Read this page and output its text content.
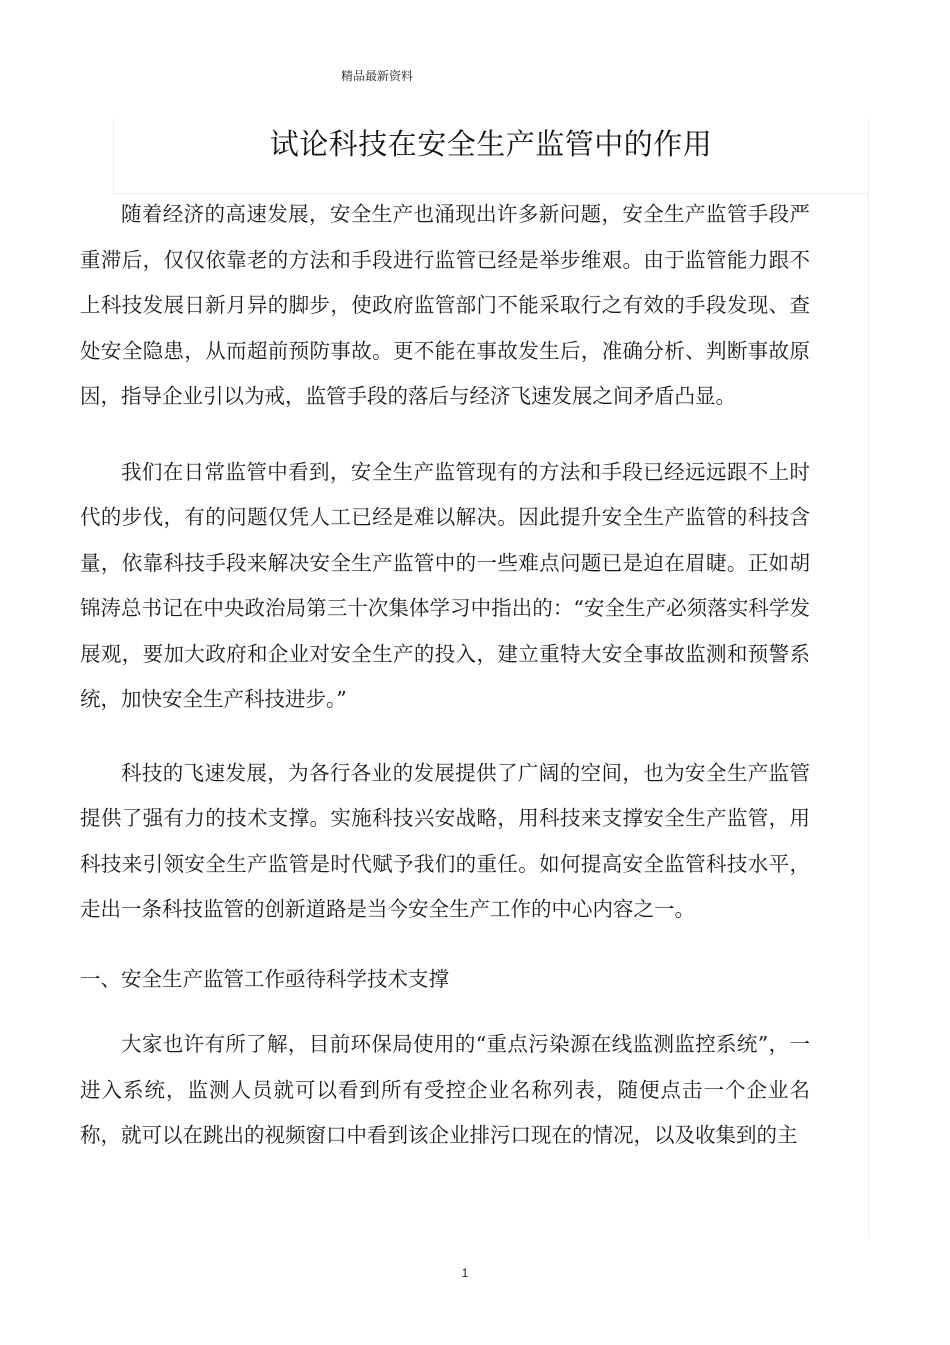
精品最新资料
试论科技在安全生产监管中的作用

随着经济的高速发展，安全生产也涌现出许多新问题，安全生产监管手段严重滞后，仅仅依靠老的方法和手段进行监管已经是举步维艰。由于监管能力跟不上科技发展日新月异的脚步，使政府监管部门不能采取行之有效的手段发现、查处安全隐患，从而超前预防事故。更不能在事故发生后，准确分析、判断事故原因，指导企业引以为戒，监管手段的落后与经济飞速发展之间矛盾凸显。

我们在日常监管中看到，安全生产监管现有的方法和手段已经远远跟不上时代的步伐，有的问题仅凭人工已经是难以解决。因此提升安全生产监管的科技含量，依靠科技手段来解决安全生产监管中的一些难点问题已是迫在眉睫。正如胡锦涛总书记在中央政治局第三十次集体学习中指出的：“安全生产必须落实科学发展观，要加大政府和企业对安全生产的投入，建立重特大安全事故监测和预警系统，加快安全生产科技进步。”

科技的飞速发展，为各行各业的发展提供了广阔的空间，也为安全生产监管提供了强有力的技术支撑。实施科技兴安战略，用科技来支撑安全生产监管，用科技来引领安全生产监管是时代赋予我们的重任。如何提高安全监管科技水平，走出一条科技监管的创新道路是当今安全生产工作的中心内容之一。

一、安全生产监管工作亟待科学技术支撑

大家也许有所了解，目前环保局使用的“重点污染源在线监测监控系统”，一进入系统，监测人员就可以看到所有受控企业名称列表，随便点击一个企业名称，就可以在跳出的视频窗口中看到该企业排污口现在的情况，以及收集到的主

1
